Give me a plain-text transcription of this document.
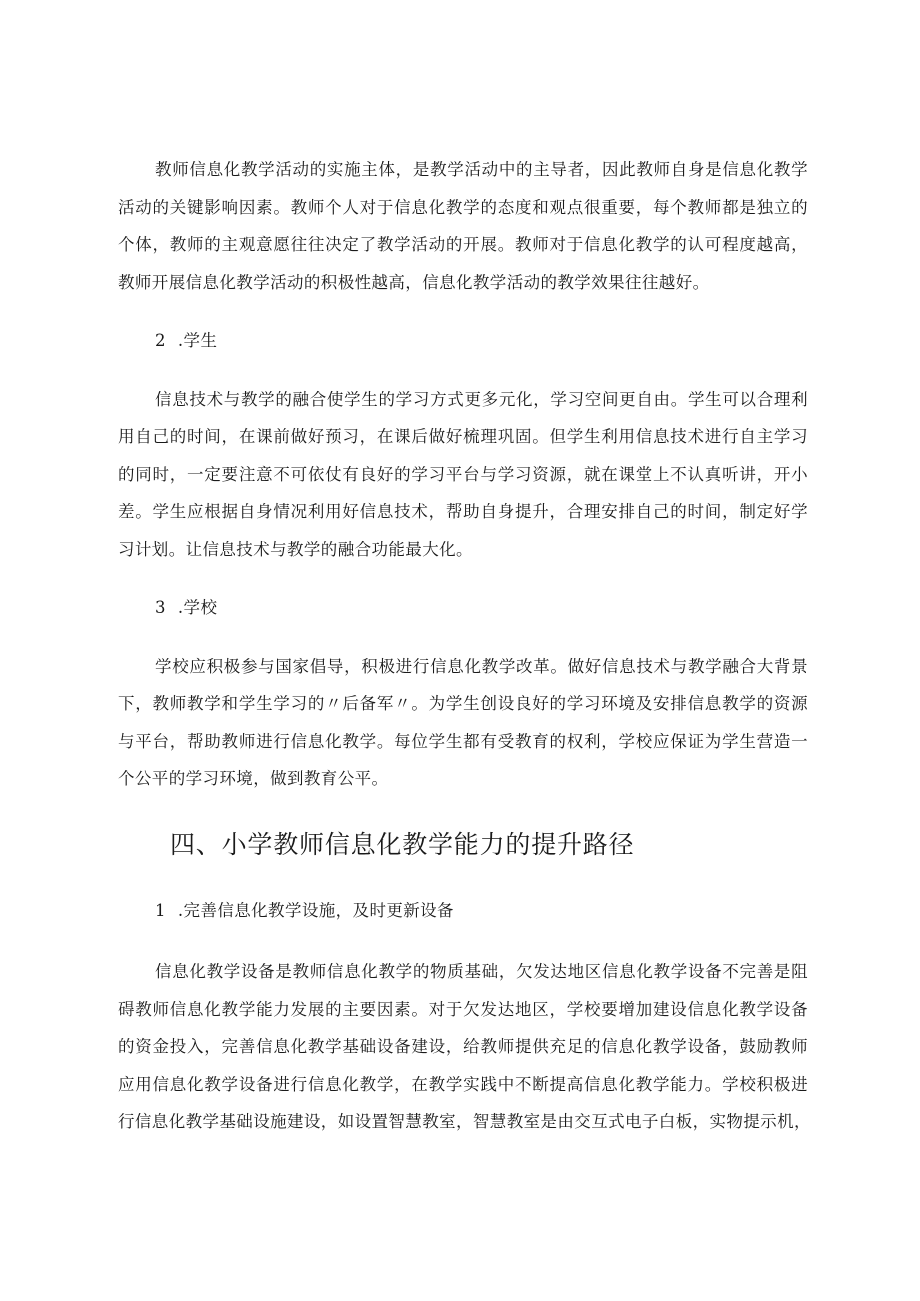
教师信息化教学活动的实施主体，是教学活动中的主导者，因此教师自身是信息化教学
活动的关键影响因素。教师个人对于信息化教学的态度和观点很重要，每个教师都是独立的
个体，教师的主观意愿往往决定了教学活动的开展。教师对于信息化教学的认可程度越高，
教师开展信息化教学活动的积极性越高，信息化教学活动的教学效果往往越好。

2 .学生

信息技术与教学的融合使学生的学习方式更多元化，学习空间更自由。学生可以合理利
用自己的时间，在课前做好预习，在课后做好梳理巩固。但学生利用信息技术进行自主学习
的同时，一定要注意不可依仗有良好的学习平台与学习资源，就在课堂上不认真听讲，开小
差。学生应根据自身情况利用好信息技术，帮助自身提升，合理安排自己的时间，制定好学
习计划。让信息技术与教学的融合功能最大化。

3 .学校

学校应积极参与国家倡导，积极进行信息化教学改革。做好信息技术与教学融合大背景
下，教师教学和学生学习的〃后备军〃。为学生创设良好的学习环境及安排信息教学的资源
与平台，帮助教师进行信息化教学。每位学生都有受教育的权利，学校应保证为学生营造一
个公平的学习环境，做到教育公平。

四、小学教师信息化教学能力的提升路径

1 .完善信息化教学设施，及时更新设备

信息化教学设备是教师信息化教学的物质基础，欠发达地区信息化教学设备不完善是阻
碍教师信息化教学能力发展的主要因素。对于欠发达地区，学校要增加建设信息化教学设备
的资金投入，完善信息化教学基础设备建设，给教师提供充足的信息化教学设备，鼓励教师
应用信息化教学设备进行信息化教学，在教学实践中不断提高信息化教学能力。学校积极进
行信息化教学基础设施建设，如设置智慧教室，智慧教室是由交互式电子白板，实物提示机，
